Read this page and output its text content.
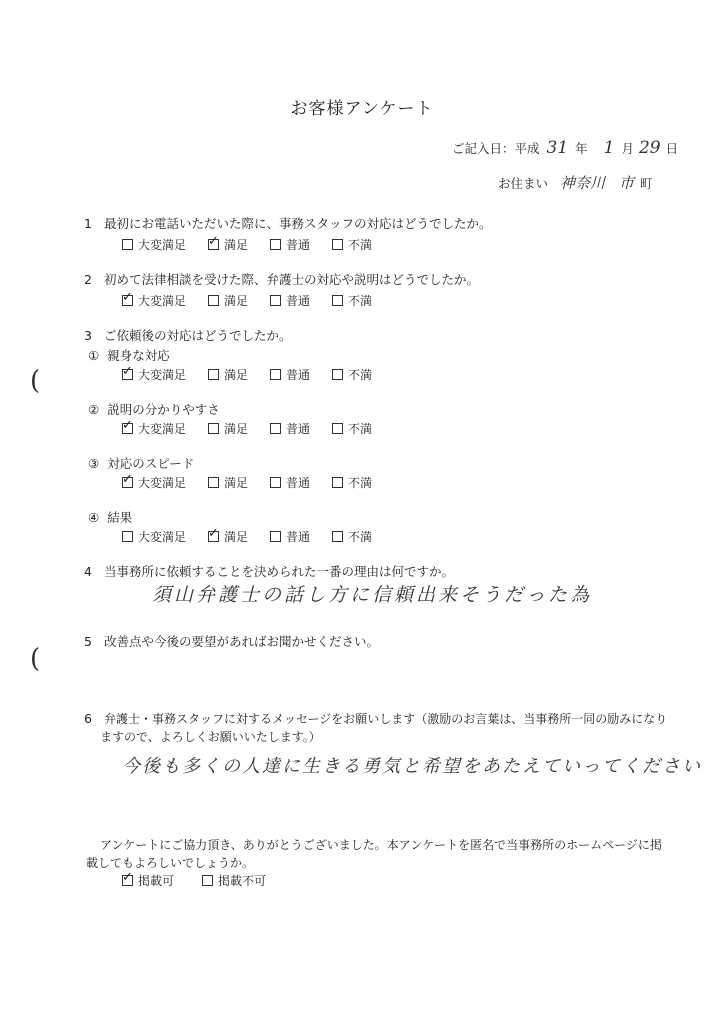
お客様アンケート
ご記入日：平成 31 年 1 月 29 日
お住まい 神奈川 市 町
1 最初にお電話いただいた際に、事務スタッフの対応はどうでしたか。
大変満足 ✓	満足	普通	不満
2 初めて法律相談を受けた際、弁護士の対応や説明はどうでしたか。
✓
大変満足	満足	普通	不満
3 ご依頼後の対応はどうでしたか。
① 親身な対応
✓
大変満足	満足	普通	不満
② 説明の分かりやすさ
✓
大変満足	満足	普通	不満
③ 対応のスピード
✓
大変満足	満足	普通	不満
④ 結果
大変満足 ✓	満足	普通	不満
4 当事務所に依頼することを決められた一番の理由は何ですか。
須山弁護士の話し方に信頼出来そうだった為
5 改善点や今後の要望があればお聞かせください。
6 弁護士・事務スタッフに対するメッセージをお願いします（激励のお言葉は、当事務所一同の励みになり
ますので、よろしくお願いいたします。）
今後も多くの人達に生きる勇気と希望をあたえていってください
アンケートにご協力頂き、ありがとうございました。本アンケートを匿名で当事務所のホームページに掲
載してもよろしいでしょうか。
✓
掲載可	掲載不可
(
(
